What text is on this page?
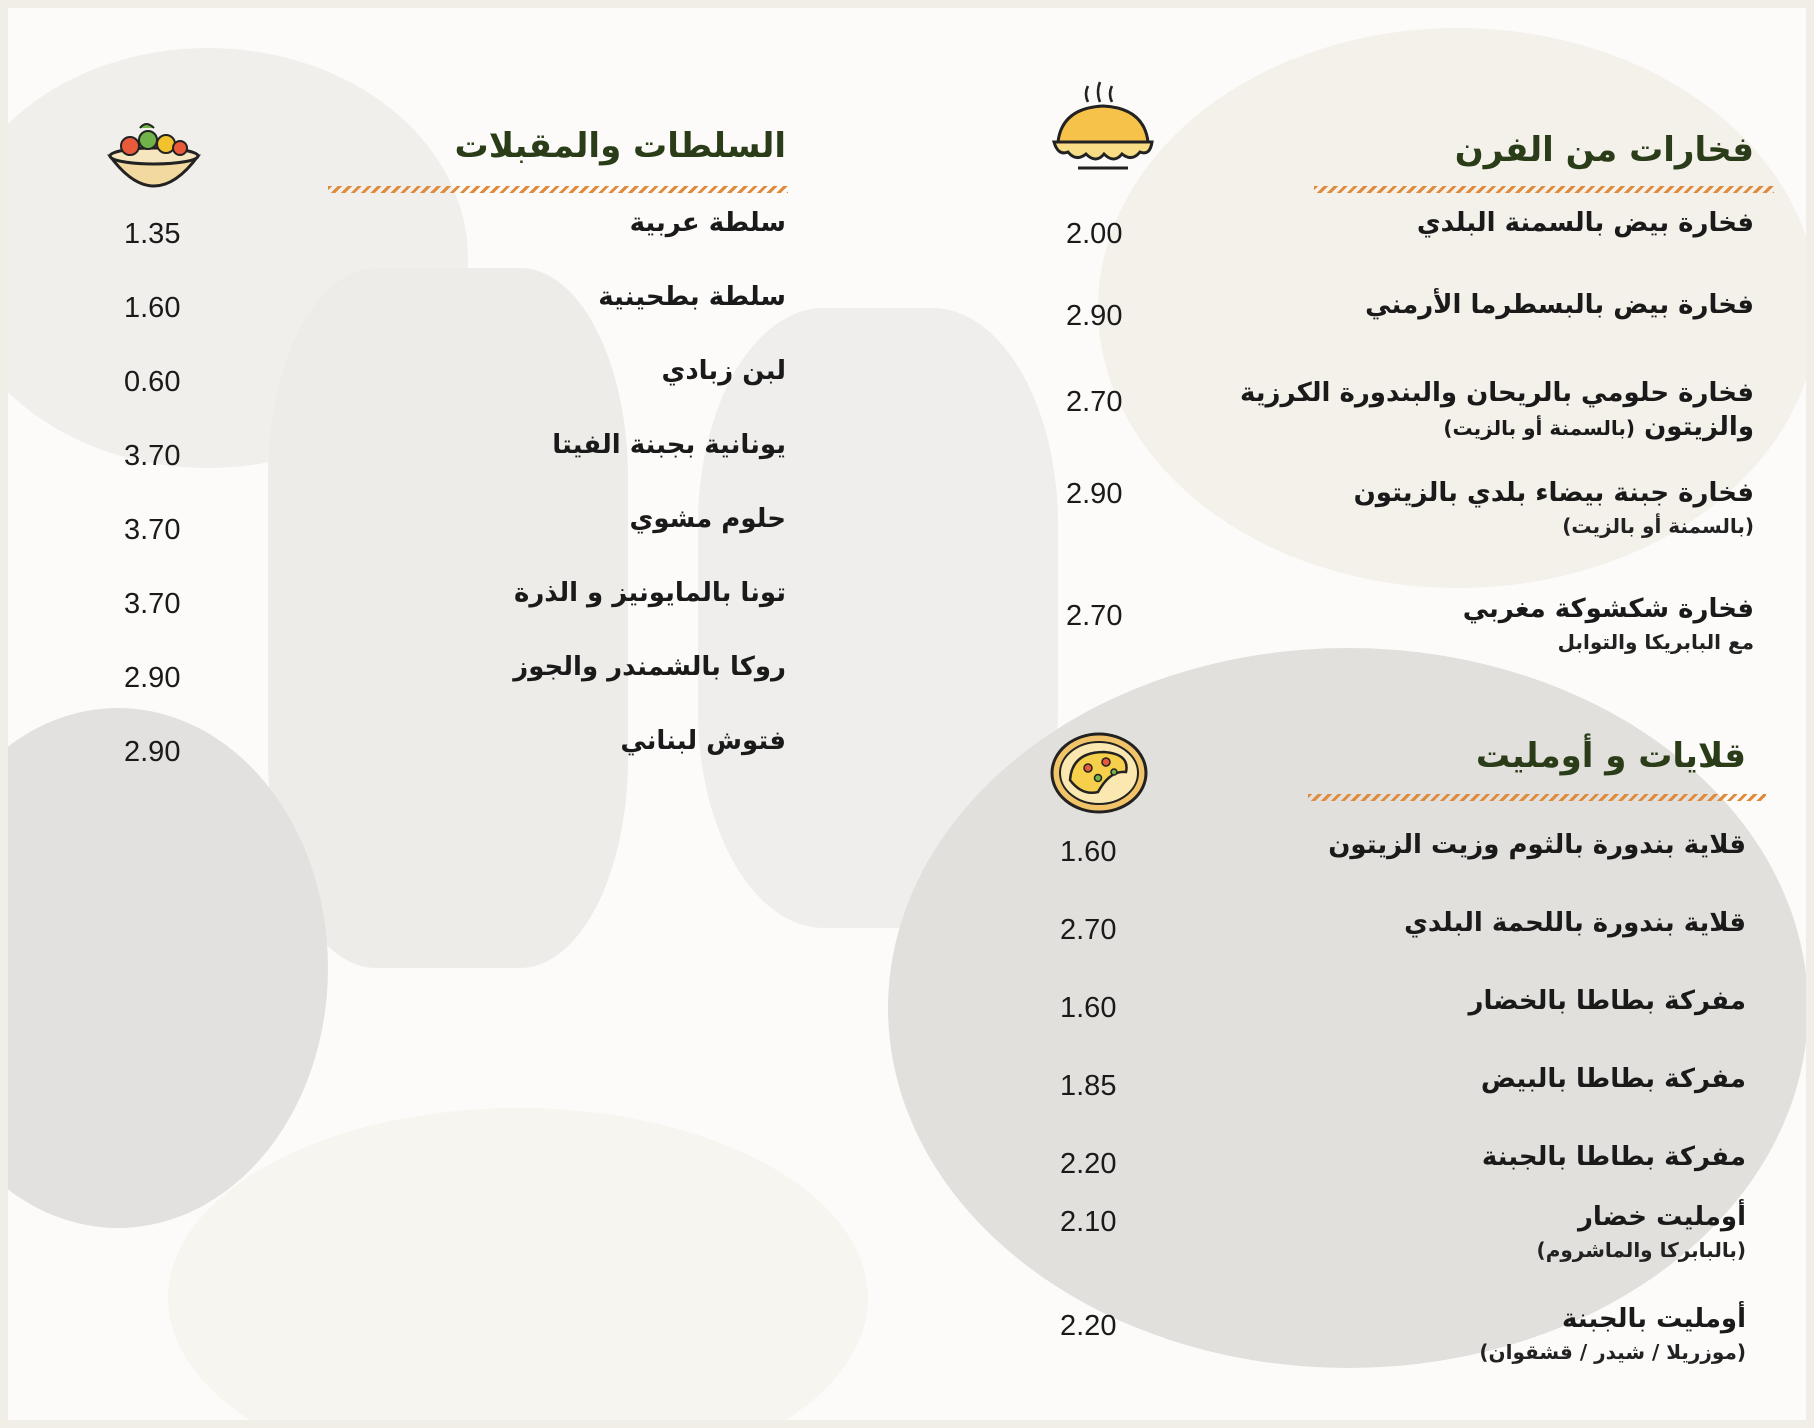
السلطات والمقبلات
سلطة عربية
1.35
سلطة بطحينية
1.60
لبن زبادي
0.60
يونانية بجبنة الفيتا
3.70
حلوم مشوي
3.70
تونا بالمايونيز و الذرة
3.70
روكا بالشمندر والجوز
2.90
فتوش لبناني
2.90
فخارات من الفرن
فخارة بيض بالسمنة البلدي
2.00
فخارة بيض بالبسطرما الأرمني
2.90
فخارة حلومي بالريحان والبندورة الكرزية
والزيتون (بالسمنة أو بالزيت)
2.70
فخارة جبنة بيضاء بلدي بالزيتون
(بالسمنة أو بالزيت)
2.90
فخارة شكشوكة مغربي
مع البابريكا والتوابل
2.70
قلايات و أومليت
قلاية بندورة بالثوم وزيت الزيتون
1.60
قلاية بندورة باللحمة البلدي
2.70
مفركة بطاطا بالخضار
1.60
مفركة بطاطا بالبيض
1.85
مفركة بطاطا بالجبنة
2.20
أومليت خضار
(بالبابركا والماشروم)
2.10
أومليت بالجبنة
(موزريلا / شيدر / قشقوان)
2.20
